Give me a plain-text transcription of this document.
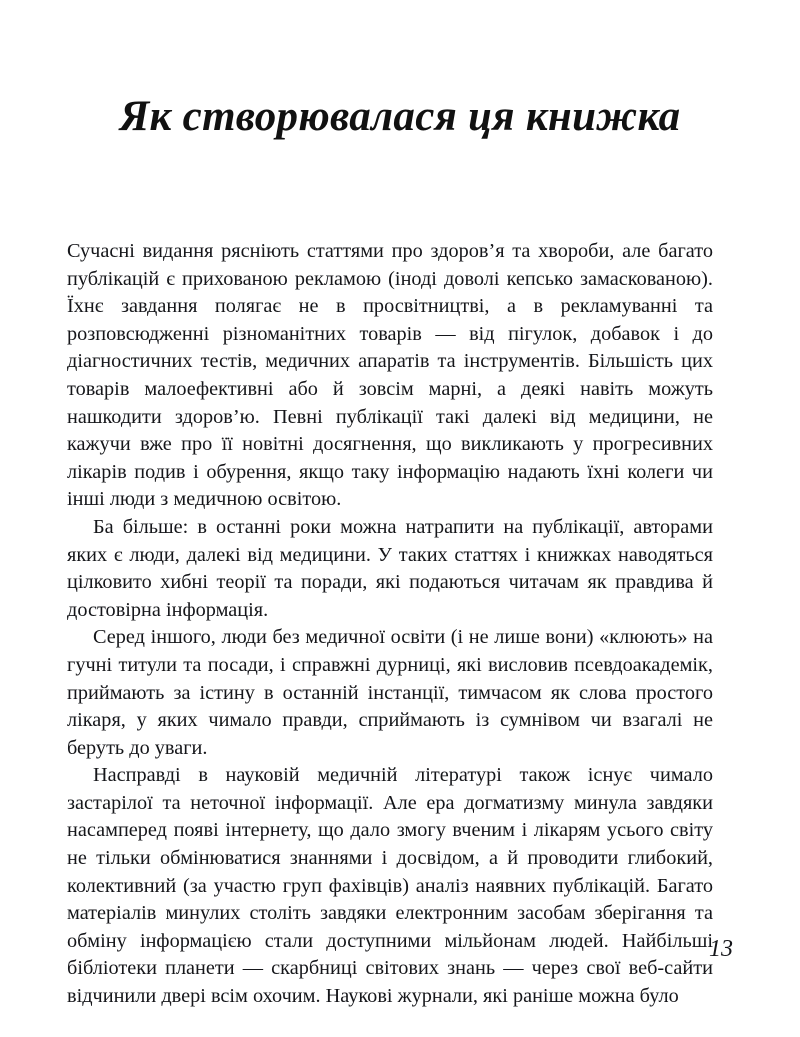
Як створювалася ця книжка

Сучасні видання рясніють статтями про здоров’я та хвороби, але багато публікацій є прихованою рекламою (іноді доволі кепсько замаскованою). Їхнє завдання полягає не в просвітництві, а в рекламуванні та розповсюдженні різноманітних товарів — від пігулок, добавок і до діагностичних тестів, медичних апаратів та інструментів. Більшість цих товарів малоефективні або й зовсім марні, а деякі навіть можуть нашкодити здоров’ю. Певні публікації такі далекі від медицини, не кажучи вже про її новітні досягнення, що викликають у прогресивних лікарів подив і обурення, якщо таку інформацію надають їхні колеги чи інші люди з медичною освітою.

Ба більше: в останні роки можна натрапити на публікації, авторами яких є люди, далекі від медицини. У таких статтях і книжках наводяться цілковито хибні теорії та поради, які подаються читачам як правдива й достовірна інформація.

Серед іншого, люди без медичної освіти (і не лише вони) «клюють» на гучні титули та посади, і справжні дурниці, які висловив псевдоакадемік, приймають за істину в останній інстанції, тимчасом як слова простого лікаря, у яких чимало правди, сприймають із сумнівом чи взагалі не беруть до уваги.

Насправді в науковій медичній літературі також існує чимало застарілої та неточної інформації. Але ера догматизму минула завдяки насамперед появі інтернету, що дало змогу вченим і лікарям усього світу не тільки обмінюватися знаннями і досвідом, а й проводити глибокий, колективний (за участю груп фахівців) аналіз наявних публікацій. Багато матеріалів минулих століть завдяки електронним засобам зберігання та обміну інформацією стали доступними мільйонам людей. Найбільші бібліотеки планети — скарбниці світових знань — через свої веб-сайти відчинили двері всім охочим. Наукові журнали, які раніше можна було

13
